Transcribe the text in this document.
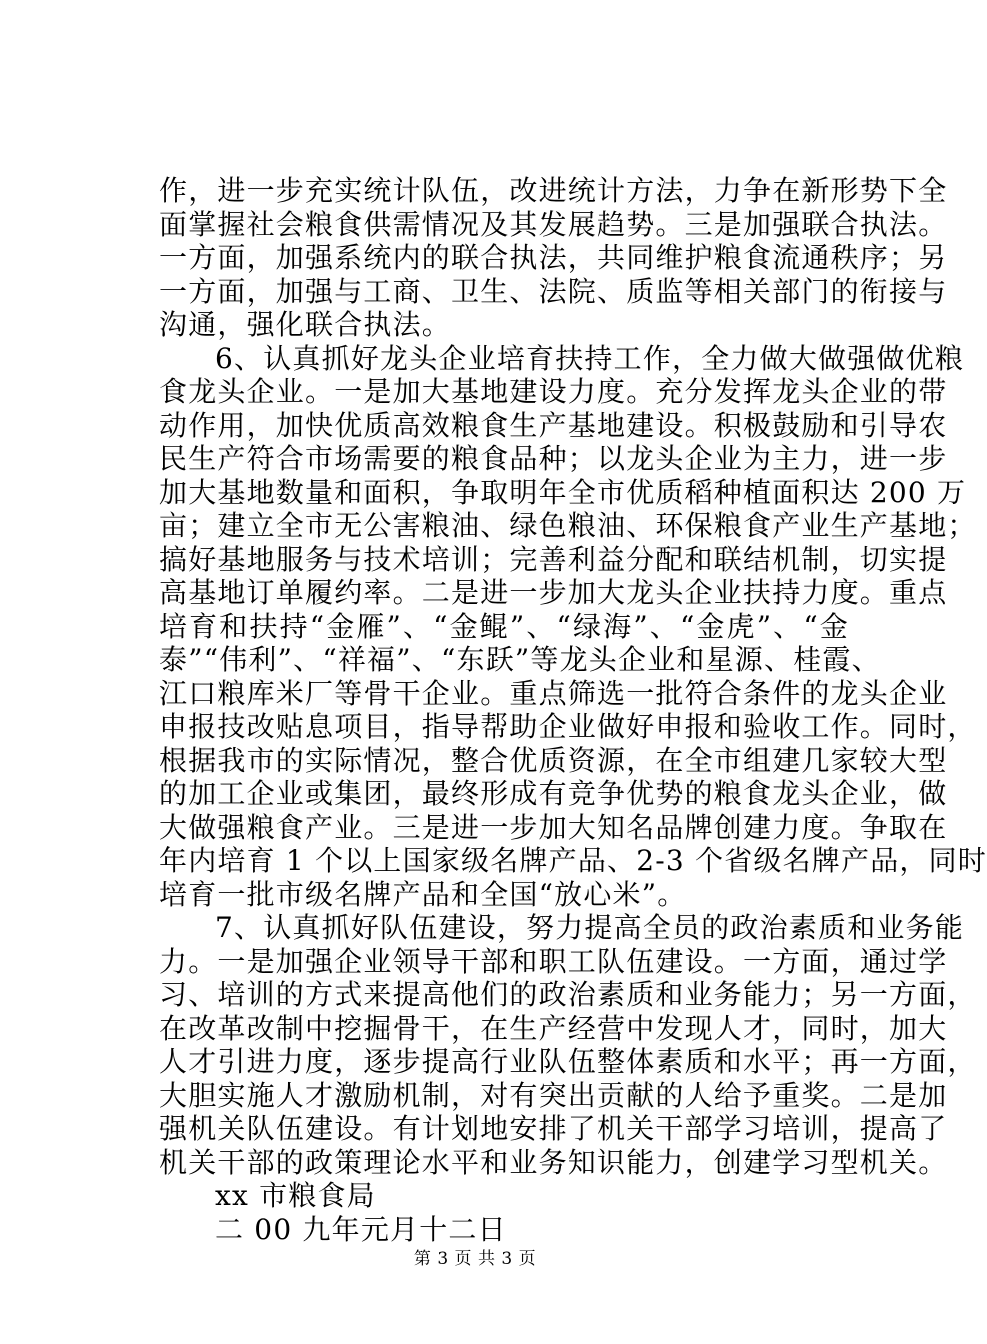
作，进一步充实统计队伍，改进统计方法，力争在新形势下全
面掌握社会粮食供需情况及其发展趋势。三是加强联合执法。
一方面，加强系统内的联合执法，共同维护粮食流通秩序；另
一方面，加强与工商、卫生、法院、质监等相关部门的衔接与
沟通，强化联合执法。
6、认真抓好龙头企业培育扶持工作，全力做大做强做优粮
食龙头企业。一是加大基地建设力度。充分发挥龙头企业的带
动作用，加快优质高效粮食生产基地建设。积极鼓励和引导农
民生产符合市场需要的粮食品种；以龙头企业为主力，进一步
加大基地数量和面积，争取明年全市优质稻种植面积达 200 万
亩；建立全市无公害粮油、绿色粮油、环保粮食产业生产基地；
搞好基地服务与技术培训；完善利益分配和联结机制，切实提
高基地订单履约率。二是进一步加大龙头企业扶持力度。重点
培育和扶持“金雁”、“金鲲”、“绿海”、“金虎”、“金
泰”“伟利”、“祥福”、“东跃”等龙头企业和星源、桂霞、
江口粮库米厂等骨干企业。重点筛选一批符合条件的龙头企业
申报技改贴息项目，指导帮助企业做好申报和验收工作。同时，
根据我市的实际情况，整合优质资源，在全市组建几家较大型
的加工企业或集团，最终形成有竞争优势的粮食龙头企业，做
大做强粮食产业。三是进一步加大知名品牌创建力度。争取在
年内培育 1 个以上国家级名牌产品、2-3 个省级名牌产品，同时
培育一批市级名牌产品和全国“放心米”。
7、认真抓好队伍建设，努力提高全员的政治素质和业务能
力。一是加强企业领导干部和职工队伍建设。一方面，通过学
习、培训的方式来提高他们的政治素质和业务能力；另一方面，
在改革改制中挖掘骨干，在生产经营中发现人才，同时，加大
人才引进力度，逐步提高行业队伍整体素质和水平；再一方面，
大胆实施人才激励机制，对有突出贡献的人给予重奖。二是加
强机关队伍建设。有计划地安排了机关干部学习培训，提高了
机关干部的政策理论水平和业务知识能力，创建学习型机关。
xx 市粮食局
二 00 九年元月十二日
第 3 页 共 3 页
